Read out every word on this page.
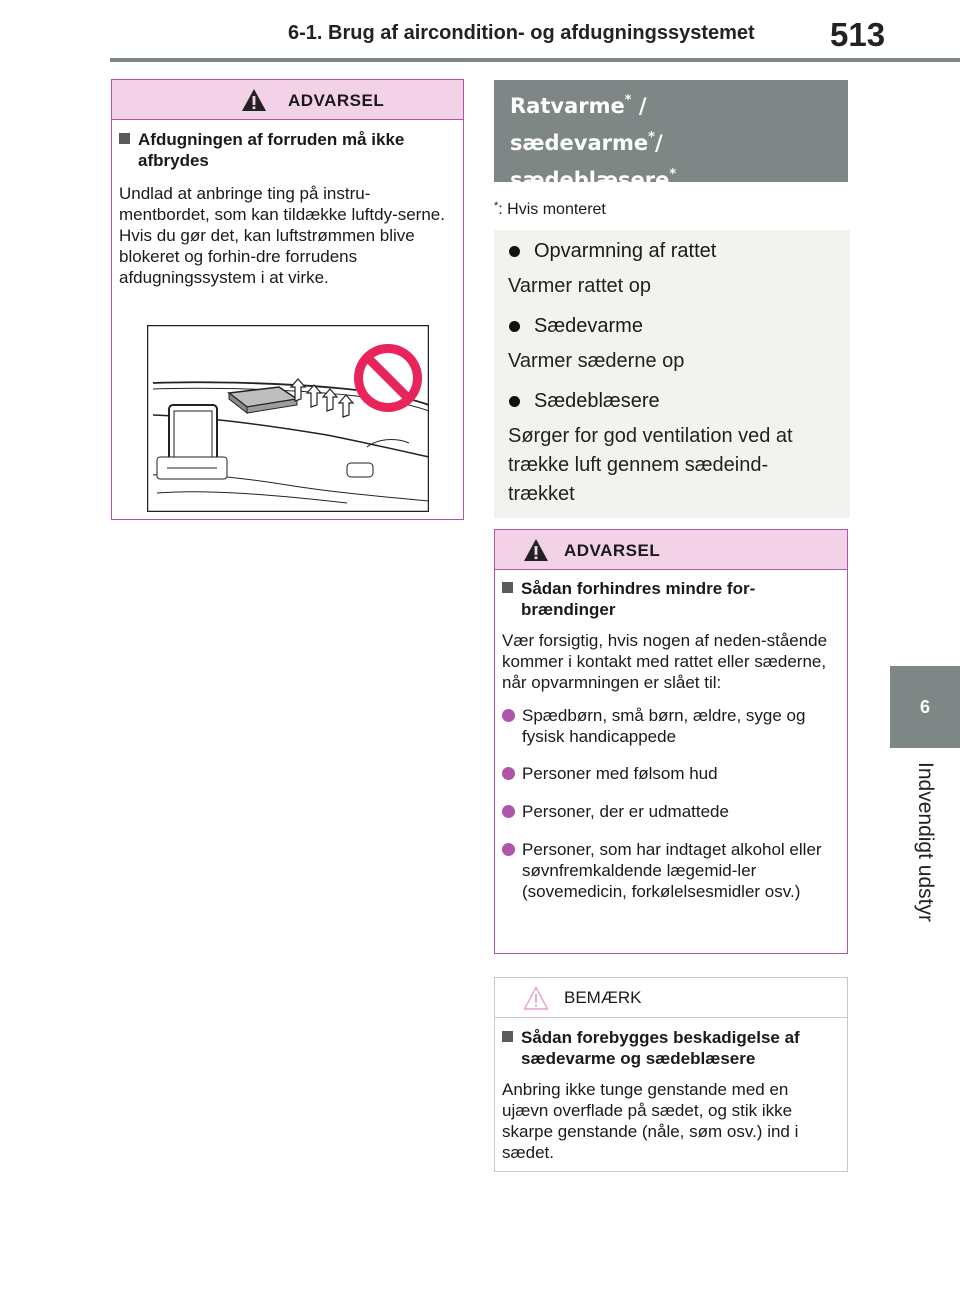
6-1. Brug af aircondition- og afdugningssystemet 513
6
Indvendigt udstyr
ADVARSEL
Afdugningen af forruden må ikke afbrydes
Undlad at anbringe ting på instru-mentbordet, som kan tildække luftdy-serne. Hvis du gør det, kan luftstrømmen blive blokeret og forhin-dre forrudens afdugningssystem i at virke.
Ratvarme* /
sædevarme*/
sædeblæsere*
*: Hvis monteret
Opvarmning af rattet
Varmer rattet op
Sædevarme
Varmer sæderne op
Sædeblæsere
Sørger for god ventilation ved at trække luft gennem sædeind-trækket
ADVARSEL
Sådan forhindres mindre for-brændinger
Vær forsigtig, hvis nogen af neden-stående kommer i kontakt med rattet eller sæderne, når opvarmningen er slået til:
Spædbørn, små børn, ældre, syge og fysisk handicappede
Personer med følsom hud
Personer, der er udmattede
Personer, som har indtaget alkohol eller søvnfremkaldende lægemid-ler (sovemedicin, forkølelsesmidler osv.)
BEMÆRK
Sådan forebygges beskadigelse af sædevarme og sædeblæsere
Anbring ikke tunge genstande med en ujævn overflade på sædet, og stik ikke skarpe genstande (nåle, søm osv.) ind i sædet.
